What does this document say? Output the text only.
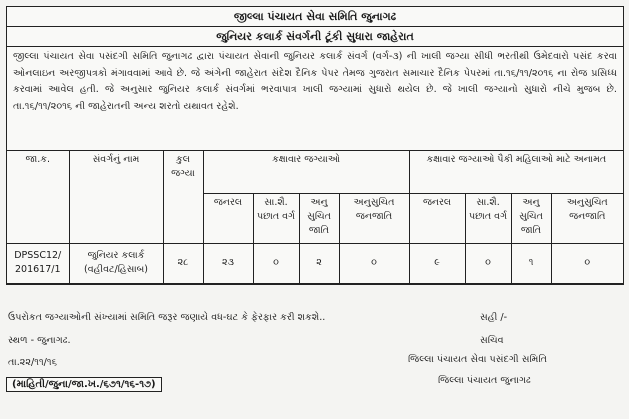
જીલ્લા પંચાયત સેવા સમિતિ જુનાગઢ
જુનિયર કલાર્ક સંવર્ગની ટૂંકી સુધારા જાહેરાત
જીલ્લા પંચાયત સેવા પસંદગી સમિતિ જુનાગઢ દ્વારા પંચાયત સેવાની જુનિયર કલાર્ક સંવર્ગ (વર્ગ-૩) ની ખાલી જગ્યા સીધી ભરતીથી ઉમેદવારો પસંદ કરવા ઓનલાઇન અરજીપત્રકો મંગાવવામાં આવે છે. જે અંગેની જાહેરાત સંદેશ દૈનિક પેપર તેમજ ગુજરાત સમાચાર દૈનિક પેપરમાં તા.૧૬/૧૧/૨૦૧૬ ના રોજ પ્રસિધ્ધ કરવામાં આવેલ હતી. જે અનુસાર જુનિયર કલાર્ક સંવર્ગમાં ભરવાપાત્ર ખાલી જગ્યામાં સુધારો થયેલ છે. જે ખાલી જગ્યાનો સુધારો નીચે મુજબ છે. તા.૧૬/૧૧/૨૦૧૬ ની જાહેરાતની અન્ય શરતો યથાવત રહેશે.
જા.ક.	સંવર્ગનું નામ	કુલ જગ્યા	કક્ષાવાર જગ્યાઓ				કક્ષાવાર જગ્યાઓ પૈકી મહિલાઓ માટે અનામત			
			જનરલ	સા.શૈ. પછાત વર્ગ	અનુ સુચિત જાતિ	અનુસુચિત જનજાતિ	જનરલ	સા.શૈ. પછાત વર્ગ	અનુ સુચિત જાતિ	અનુસુચિત જનજાતિ
DPSSC12/ 201617/1	જુનિયર કલાર્ક (વહીવટ/હિસાબ)	૨૮	૨૩	૦	૨	૦	૯	૦	૧	૦
ઉપરોકત જગ્યાઓની સંખ્યામાં સમિતિ જરૂર જણાયે વધ-ઘટ કે ફેરફાર કરી શકશે..	સહી /-
સ્થળ - જુનાગઢ.	સચિવ
તા.૨૨/૧૧/૧૬	જિલ્લા પંચાયત સેવા પસંદગી સમિતિ
જિલ્લા પંચાયત જુનાગઢ
(માહિતી/જુના/જા.ખ./૬૭૧/૧૬-૧૭)
